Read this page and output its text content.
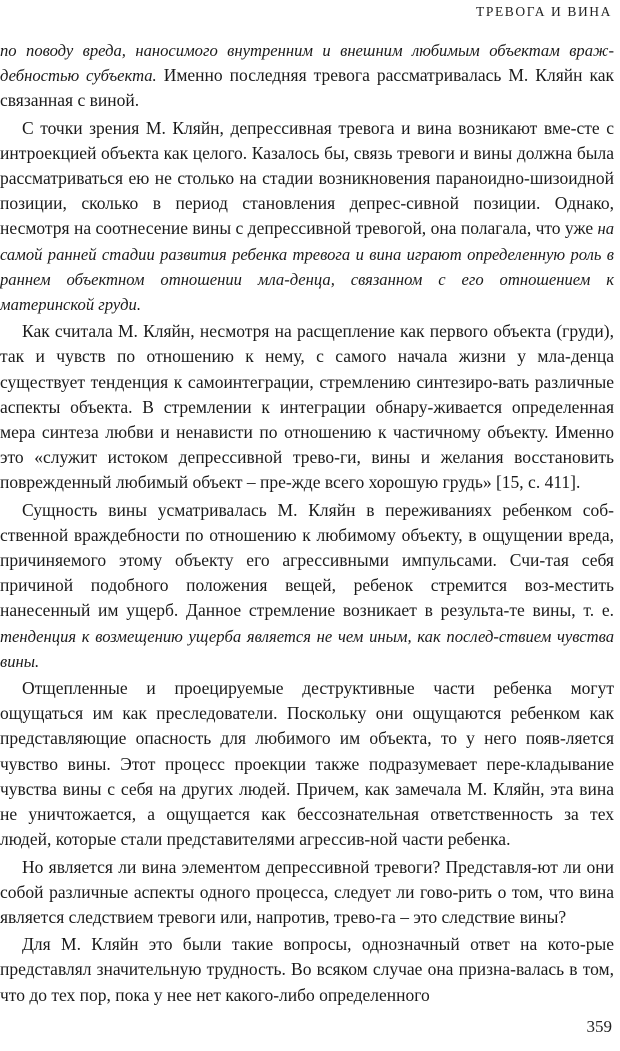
ТРЕВОГА И ВИНА

по поводу вреда, наносимого внутренним и внешним любимым объектам враж-дебностью субъекта. Именно последняя тревога рассматривалась М. Кляйн как связанная с виной.

С точки зрения М. Кляйн, депрессивная тревога и вина возникают вме-сте с интроекцией объекта как целого. Казалось бы, связь тревоги и вины должна была рассматриваться ею не столько на стадии возникновения параноидно-шизоидной позиции, сколько в период становления депрес-сивной позиции. Однако, несмотря на соотнесение вины с депрессивной тревогой, она полагала, что уже на самой ранней стадии развития ребенка тревога и вина играют определенную роль в раннем объектном отношении мла-денца, связанном с его отношением к материнской груди.

Как считала М. Кляйн, несмотря на расщепление как первого объекта (груди), так и чувств по отношению к нему, с самого начала жизни у мла-денца существует тенденция к самоинтеграции, стремлению синтезиро-вать различные аспекты объекта. В стремлении к интеграции обнару-живается определенная мера синтеза любви и ненависти по отношению к частичному объекту. Именно это «служит истоком депрессивной трево-ги, вины и желания восстановить поврежденный любимый объект – пре-жде всего хорошую грудь» [15, с. 411].

Сущность вины усматривалась М. Кляйн в переживаниях ребенком соб-ственной враждебности по отношению к любимому объекту, в ощущении вреда, причиняемого этому объекту его агрессивными импульсами. Счи-тая себя причиной подобного положения вещей, ребенок стремится воз-местить нанесенный им ущерб. Данное стремление возникает в результа-те вины, т. е. тенденция к возмещению ущерба является не чем иным, как послед-ствием чувства вины.

Отщепленные и проецируемые деструктивные части ребенка могут ощущаться им как преследователи. Поскольку они ощущаются ребенком как представляющие опасность для любимого им объекта, то у него появ-ляется чувство вины. Этот процесс проекции также подразумевает пере-кладывание чувства вины с себя на других людей. Причем, как замечала М. Кляйн, эта вина не уничтожается, а ощущается как бессознательная ответственность за тех людей, которые стали представителями агрессив-ной части ребенка.

Но является ли вина элементом депрессивной тревоги? Представля-ют ли они собой различные аспекты одного процесса, следует ли гово-рить о том, что вина является следствием тревоги или, напротив, трево-га – это следствие вины?

Для М. Кляйн это были такие вопросы, однозначный ответ на кото-рые представлял значительную трудность. Во всяком случае она призна-валась в том, что до тех пор, пока у нее нет какого-либо определенного

359
